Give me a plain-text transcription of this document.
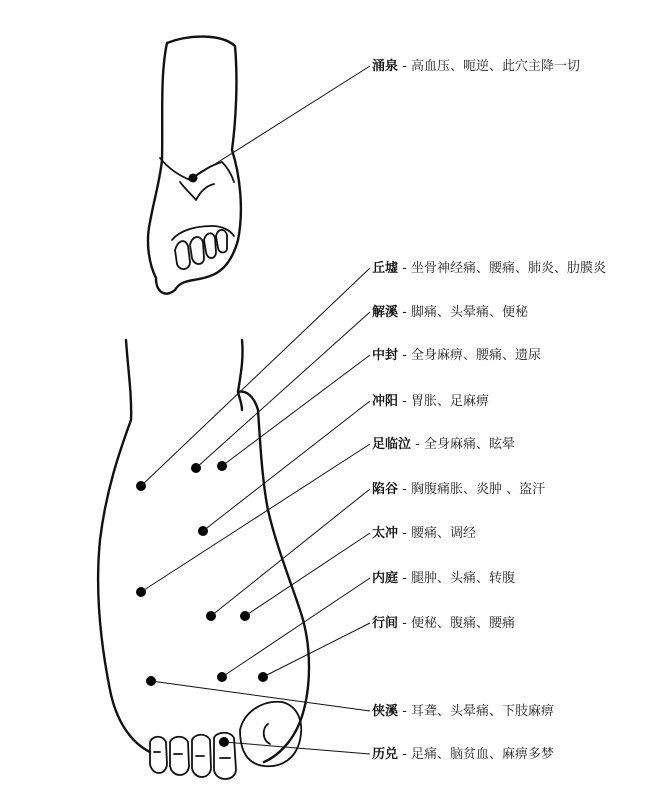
涌泉 - 高血压、呃逆、此穴主降一切
丘墟 - 坐骨神经痛、腰痛、肺炎、肋膜炎
解溪 - 脚痛、头晕痛、便秘
中封 - 全身麻痹、腰痛、遗尿
冲阳 - 胃胀、足麻痹
足临泣 - 全身麻痛、眩晕
陷谷 - 胸腹痛胀、炎肿 、盗汗
太冲 - 腰痛、调经
内庭 - 腿肿、头痛、转腹
行间 - 便秘、腹痛、腰痛
侠溪 - 耳聋、头晕痛、下肢麻痹
历兑 - 足痛、脑贫血、麻痹多梦
